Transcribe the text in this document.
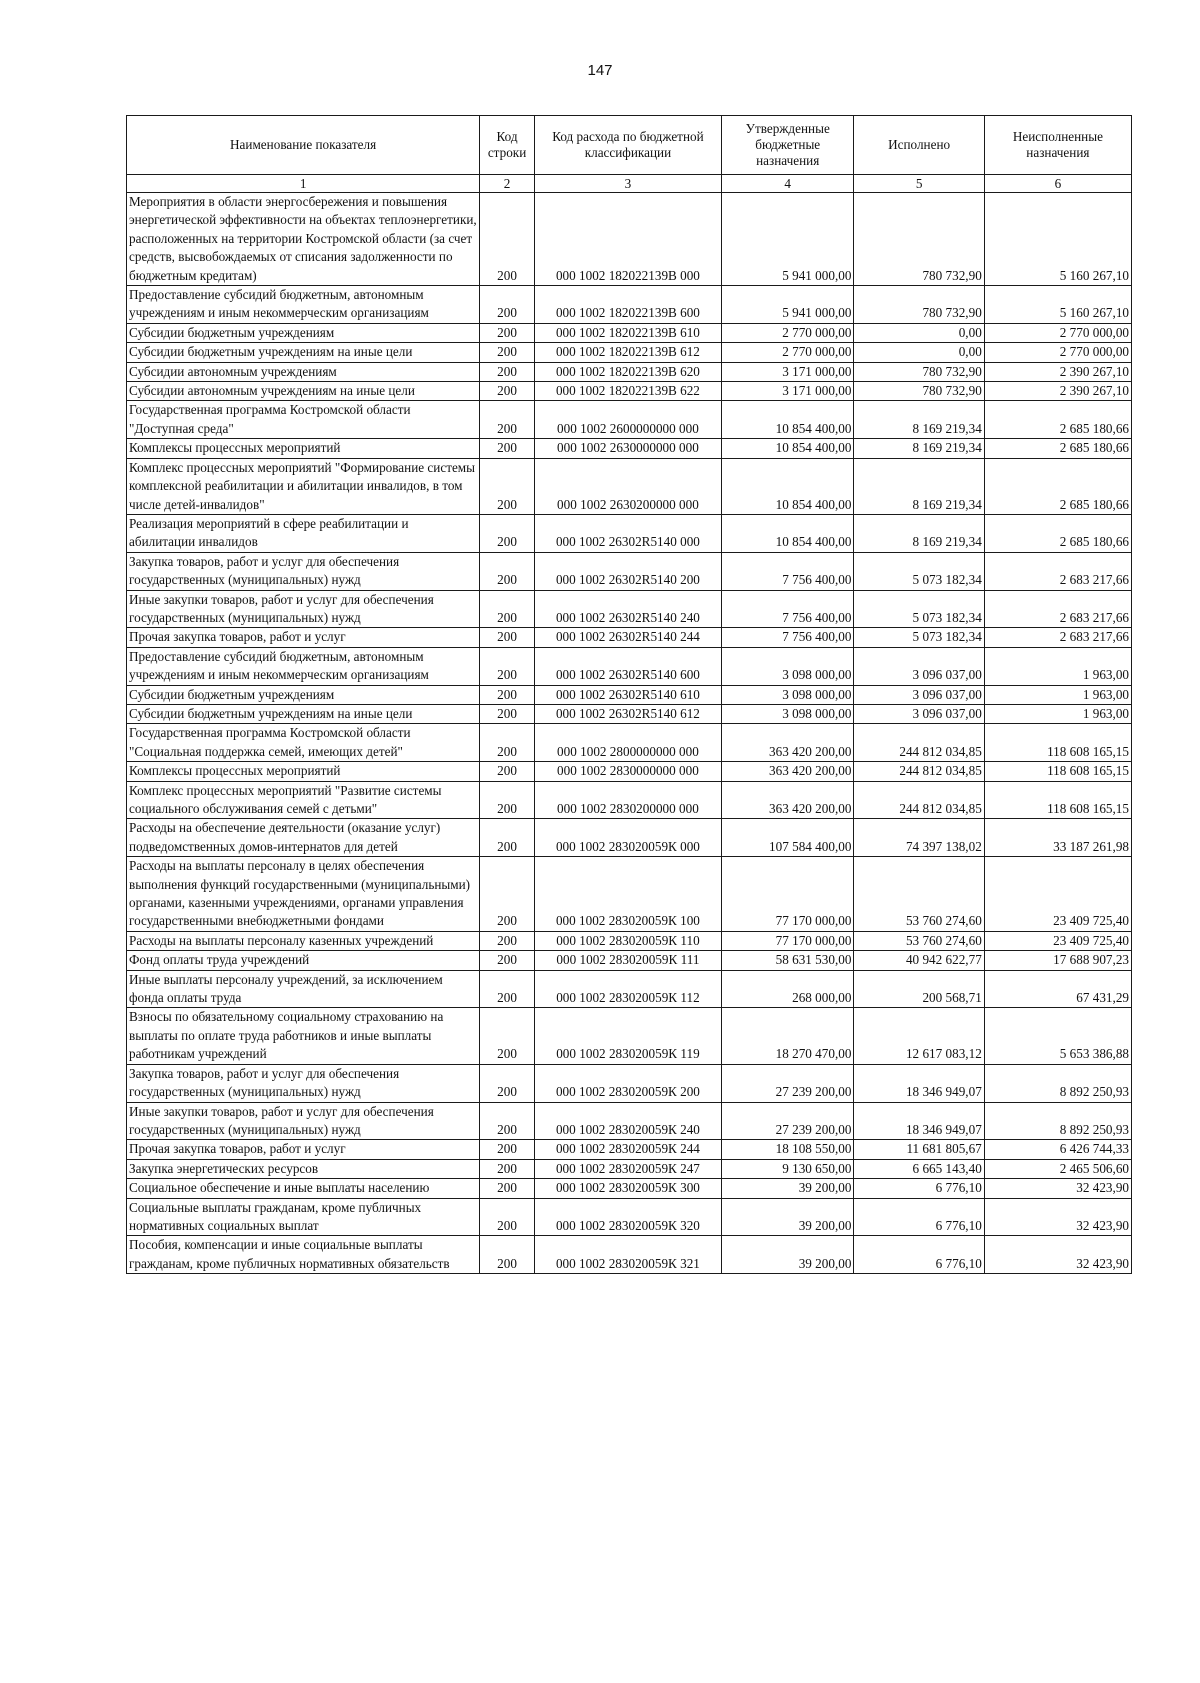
147
Наименование показателя	Код строки	Код расхода по бюджетной классификации	Утвержденные бюджетные назначения	Исполнено	Неисполненные назначения
1	2	3	4	5	6
Мероприятия в области энергосбережения и повышения энергетической эффективности на объектах теплоэнергетики, расположенных на территории Костромской области (за счет средств, высвобождаемых от списания задолженности по бюджетным кредитам)	200	000 1002 182022139В 000	5 941 000,00	780 732,90	5 160 267,10
Предоставление субсидий бюджетным, автономным учреждениям и иным некоммерческим организациям	200	000 1002 182022139В 600	5 941 000,00	780 732,90	5 160 267,10
Субсидии бюджетным учреждениям	200	000 1002 182022139В 610	2 770 000,00	0,00	2 770 000,00
Субсидии бюджетным учреждениям на иные цели	200	000 1002 182022139В 612	2 770 000,00	0,00	2 770 000,00
Субсидии автономным учреждениям	200	000 1002 182022139В 620	3 171 000,00	780 732,90	2 390 267,10
Субсидии автономным учреждениям на иные цели	200	000 1002 182022139В 622	3 171 000,00	780 732,90	2 390 267,10
Государственная программа Костромской области "Доступная среда"	200	000 1002 2600000000 000	10 854 400,00	8 169 219,34	2 685 180,66
Комплексы процессных мероприятий	200	000 1002 2630000000 000	10 854 400,00	8 169 219,34	2 685 180,66
Комплекс процессных мероприятий "Формирование системы комплексной реабилитации и абилитации инвалидов, в том числе детей-инвалидов"	200	000 1002 2630200000 000	10 854 400,00	8 169 219,34	2 685 180,66
Реализация мероприятий в сфере реабилитации и абилитации инвалидов	200	000 1002 26302R5140 000	10 854 400,00	8 169 219,34	2 685 180,66
Закупка товаров, работ и услуг для обеспечения государственных (муниципальных) нужд	200	000 1002 26302R5140 200	7 756 400,00	5 073 182,34	2 683 217,66
Иные закупки товаров, работ и услуг для обеспечения государственных (муниципальных) нужд	200	000 1002 26302R5140 240	7 756 400,00	5 073 182,34	2 683 217,66
Прочая закупка товаров, работ и услуг	200	000 1002 26302R5140 244	7 756 400,00	5 073 182,34	2 683 217,66
Предоставление субсидий бюджетным, автономным учреждениям и иным некоммерческим организациям	200	000 1002 26302R5140 600	3 098 000,00	3 096 037,00	1 963,00
Субсидии бюджетным учреждениям	200	000 1002 26302R5140 610	3 098 000,00	3 096 037,00	1 963,00
Субсидии бюджетным учреждениям на иные цели	200	000 1002 26302R5140 612	3 098 000,00	3 096 037,00	1 963,00
Государственная программа Костромской области "Социальная поддержка семей, имеющих детей"	200	000 1002 2800000000 000	363 420 200,00	244 812 034,85	118 608 165,15
Комплексы процессных мероприятий	200	000 1002 2830000000 000	363 420 200,00	244 812 034,85	118 608 165,15
Комплекс процессных мероприятий "Развитие системы социального обслуживания семей с детьми"	200	000 1002 2830200000 000	363 420 200,00	244 812 034,85	118 608 165,15
Расходы на обеспечение деятельности (оказание услуг) подведомственных домов-интернатов для детей	200	000 1002 283020059К 000	107 584 400,00	74 397 138,02	33 187 261,98
Расходы на выплаты персоналу в целях обеспечения выполнения функций государственными (муниципальными) органами, казенными учреждениями, органами управления государственными внебюджетными фондами	200	000 1002 283020059К 100	77 170 000,00	53 760 274,60	23 409 725,40
Расходы на выплаты персоналу казенных учреждений	200	000 1002 283020059К 110	77 170 000,00	53 760 274,60	23 409 725,40
Фонд оплаты труда учреждений	200	000 1002 283020059К 111	58 631 530,00	40 942 622,77	17 688 907,23
Иные выплаты персоналу учреждений, за исключением фонда оплаты труда	200	000 1002 283020059К 112	268 000,00	200 568,71	67 431,29
Взносы по обязательному социальному страхованию на выплаты по оплате труда работников и иные выплаты работникам учреждений	200	000 1002 283020059К 119	18 270 470,00	12 617 083,12	5 653 386,88
Закупка товаров, работ и услуг для обеспечения государственных (муниципальных) нужд	200	000 1002 283020059К 200	27 239 200,00	18 346 949,07	8 892 250,93
Иные закупки товаров, работ и услуг для обеспечения государственных (муниципальных) нужд	200	000 1002 283020059К 240	27 239 200,00	18 346 949,07	8 892 250,93
Прочая закупка товаров, работ и услуг	200	000 1002 283020059К 244	18 108 550,00	11 681 805,67	6 426 744,33
Закупка энергетических ресурсов	200	000 1002 283020059К 247	9 130 650,00	6 665 143,40	2 465 506,60
Социальное обеспечение и иные выплаты населению	200	000 1002 283020059К 300	39 200,00	6 776,10	32 423,90
Социальные выплаты гражданам, кроме публичных нормативных социальных выплат	200	000 1002 283020059К 320	39 200,00	6 776,10	32 423,90
Пособия, компенсации и иные социальные выплаты гражданам, кроме публичных нормативных обязательств	200	000 1002 283020059К 321	39 200,00	6 776,10	32 423,90
